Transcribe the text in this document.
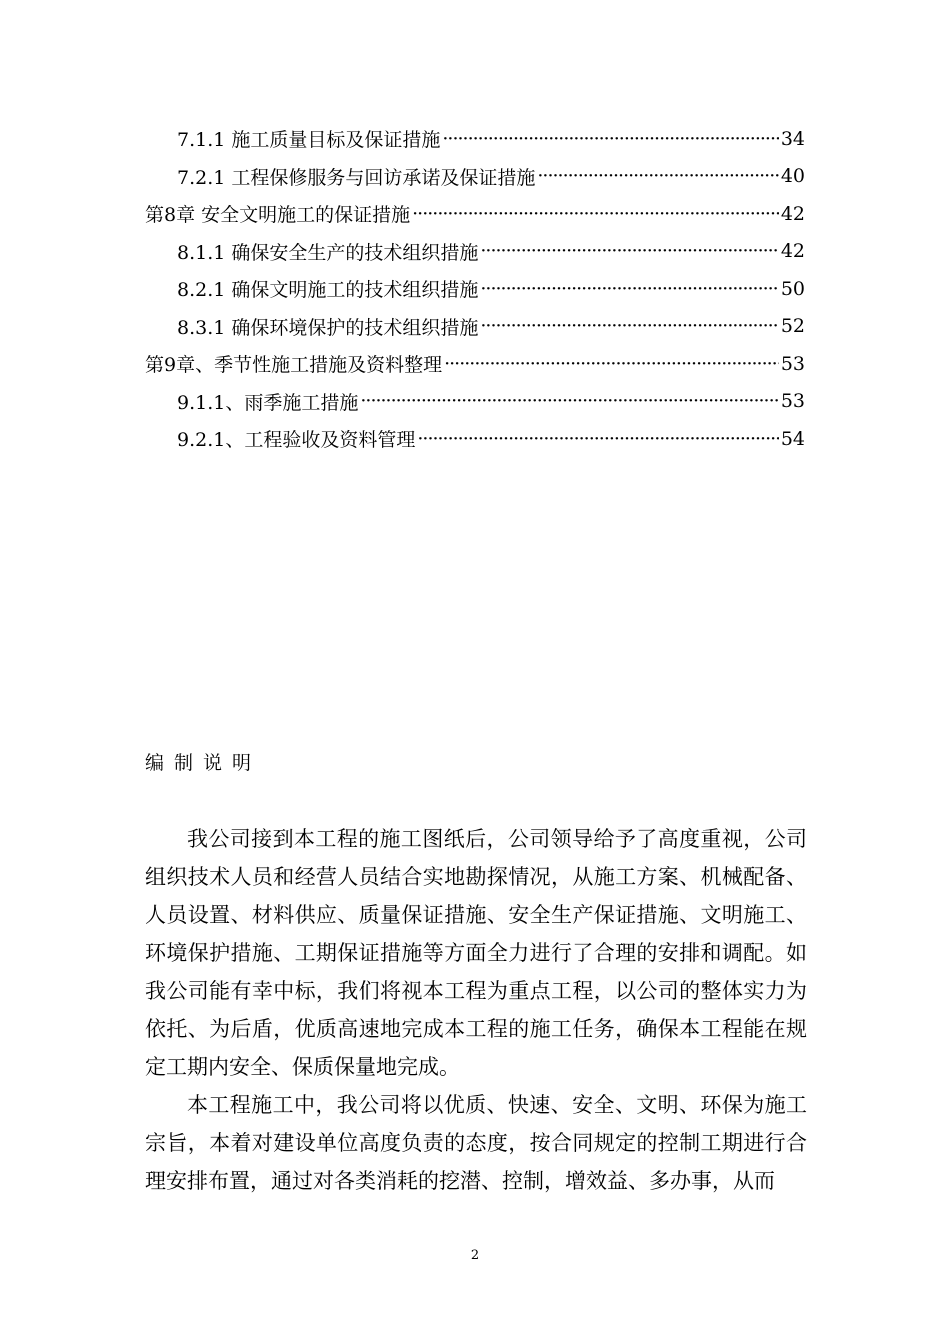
7.1.1 施工质量目标及保证措施 ·····	34
7.2.1 工程保修服务与回访承诺及保证措施 ·····	40
第8章 安全文明施工的保证措施 ·····	42
8.1.1 确保安全生产的技术组织措施 ·····	42
8.2.1 确保文明施工的技术组织措施 ·····	50
8.3.1 确保环境保护的技术组织措施 ·····	52
第9章、季节性施工措施及资料整理 ·····	53
9.1.1、雨季施工措施 ·····	53
9.2.1、工程验收及资料管理 ·····	54
编制说明

我公司接到本工程的施工图纸后，公司领导给予了高度重视，公司组织技术人员和经营人员结合实地勘探情况，从施工方案、机械配备、人员设置、材料供应、质量保证措施、安全生产保证措施、文明施工、环境保护措施、工期保证措施等方面全力进行了合理的安排和调配。如我公司能有幸中标，我们将视本工程为重点工程，以公司的整体实力为依托、为后盾，优质高速地完成本工程的施工任务，确保本工程能在规定工期内安全、保质保量地完成。

本工程施工中，我公司将以优质、快速、安全、文明、环保为施工宗旨，本着对建设单位高度负责的态度，按合同规定的控制工期进行合理安排布置，通过对各类消耗的挖潜、控制，增效益、多办事，从而

2
